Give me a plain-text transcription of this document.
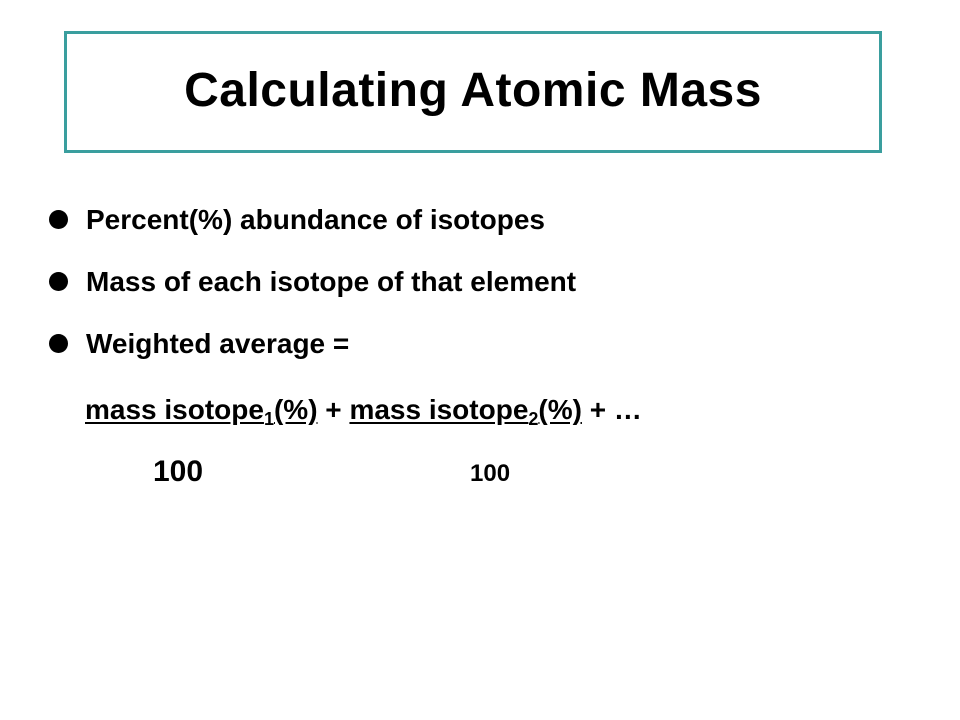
Calculating Atomic Mass
Percent(%) abundance of isotopes
Mass of each isotope of that element
Weighted average =
mass isotope$_1$(%) + mass isotope$_2$(%) + …
100	100
